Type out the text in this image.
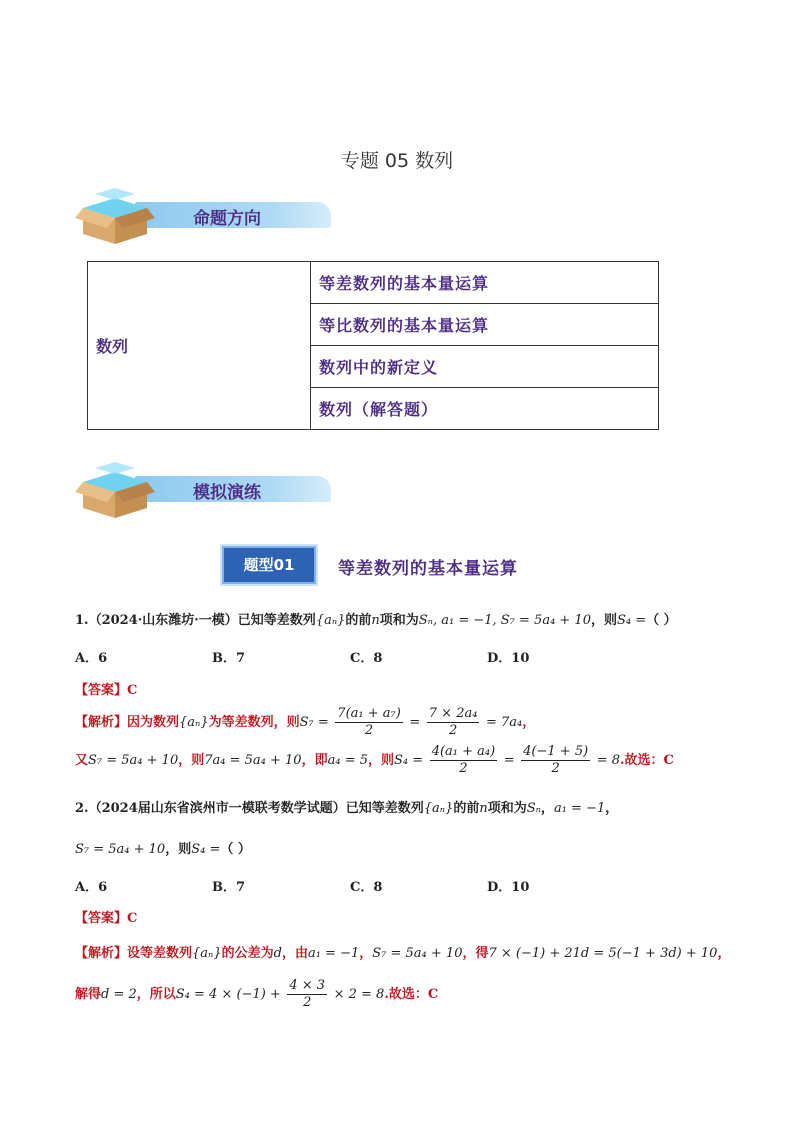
专题 05 数列
命题方向
数列	等差数列的基本量运算
等比数列的基本量运算
数列中的新定义
数列（解答题）
模拟演练
题型01	等差数列的基本量运算
1.（2024·山东潍坊·一模）已知等差数列{aₙ}的前n项和为Sₙ, a₁ = −1, S₇ = 5a₄ + 10，则S₄ =（ ）
A．6	B．7	C．8	D．10
【答案】C
【解析】因为数列{aₙ}为等差数列，则$S_7 = \frac{\text{7(a₁ + a₇)}}{2} = \frac{\text{7 × 2a₄}}{2} = 7a_4$，
又S₇ = 5a₄ + 10，则7a₄ = 5a₄ + 10，即a₄ = 5，则$S_4 = \frac{\text{4(a₁ + a₄)}}{2} = \frac{4(-1 + 5)}{2} = 8$.故选：C
2.（2024届山东省滨州市一模联考数学试题）已知等差数列{aₙ}的前n项和为Sₙ，a₁ = −1，
S₇ = 5a₄ + 10，则S₄ =（ ）
A．6	B．7	C．8	D．10
【答案】C
【解析】设等差数列{aₙ}的公差为d，由a₁ = −1，S₇ = 5a₄ + 10，得7 × (−1) + 21d = 5(−1 + 3d) + 10，
解得d = 2，所以$S_4 = 4 \times (-1) + \frac{4 \times 3}{2} \times 2 = 8$.故选：C
